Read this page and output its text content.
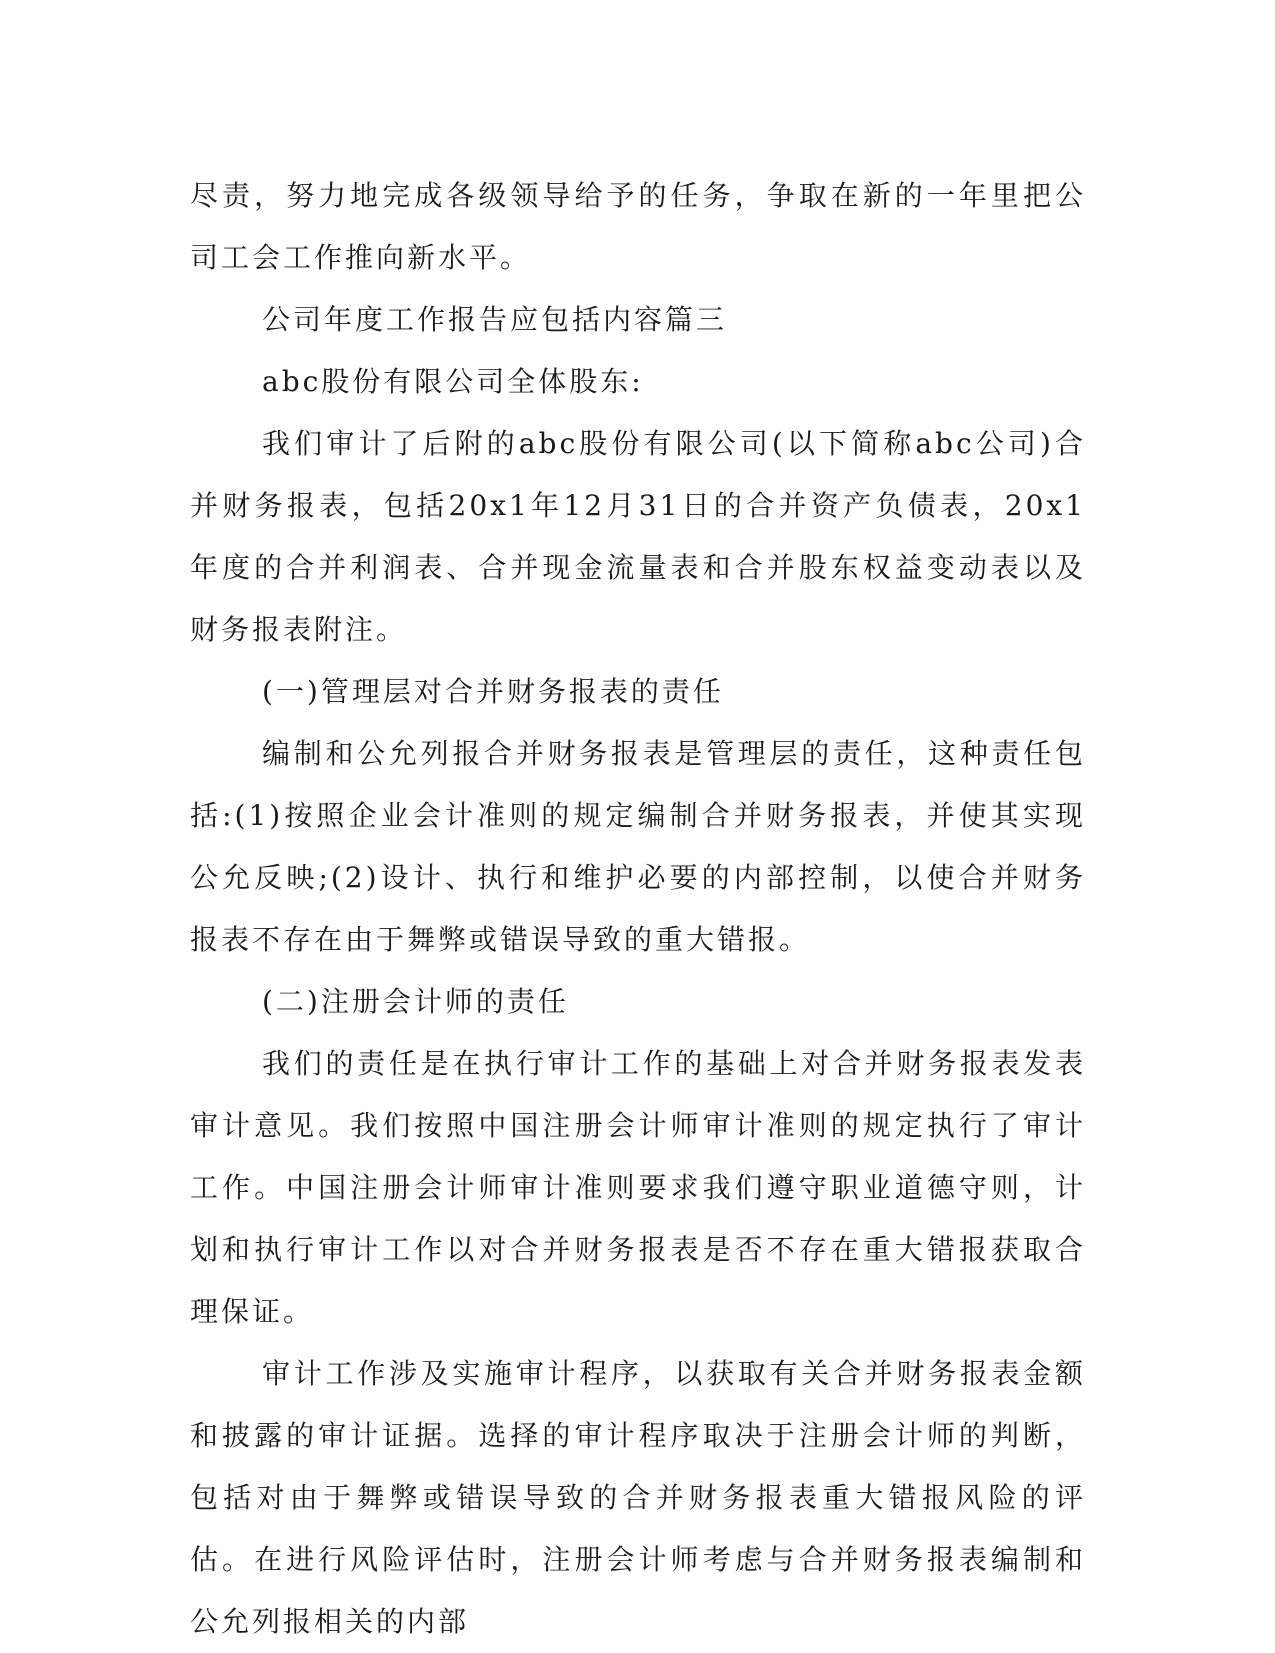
尽责，努力地完成各级领导给予的任务，争取在新的一年里把公司工会工作推向新水平。

公司年度工作报告应包括内容篇三

abc股份有限公司全体股东:

我们审计了后附的abc股份有限公司(以下简称abc公司)合并财务报表，包括20x1年12月31日的合并资产负债表，20x1年度的合并利润表、合并现金流量表和合并股东权益变动表以及财务报表附注。

(一)管理层对合并财务报表的责任

编制和公允列报合并财务报表是管理层的责任，这种责任包括:(1)按照企业会计准则的规定编制合并财务报表，并使其实现公允反映;(2)设计、执行和维护必要的内部控制，以使合并财务报表不存在由于舞弊或错误导致的重大错报。

(二)注册会计师的责任

我们的责任是在执行审计工作的基础上对合并财务报表发表审计意见。我们按照中国注册会计师审计准则的规定执行了审计工作。中国注册会计师审计准则要求我们遵守职业道德守则，计划和执行审计工作以对合并财务报表是否不存在重大错报获取合理保证。

审计工作涉及实施审计程序，以获取有关合并财务报表金额和披露的审计证据。选择的审计程序取决于注册会计师的判断，包括对由于舞弊或错误导致的合并财务报表重大错报风险的评估。在进行风险评估时，注册会计师考虑与合并财务报表编制和公允列报相关的内部
